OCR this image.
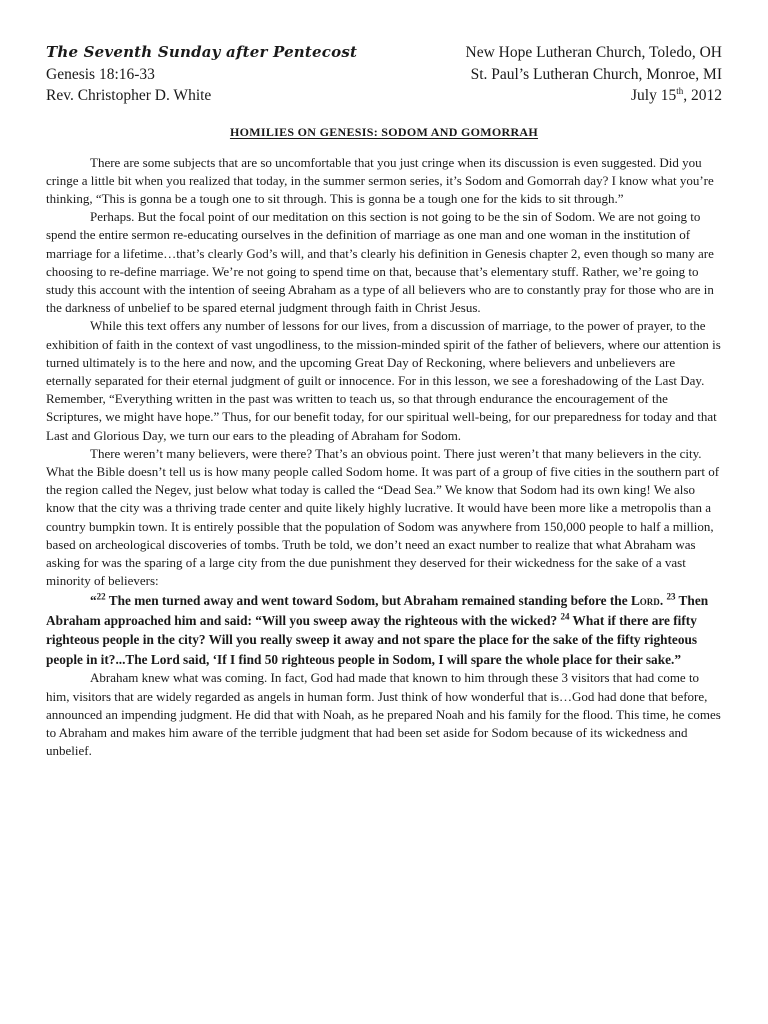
The Seventh Sunday after Pentecost	New Hope Lutheran Church, Toledo, OH
Genesis 18:16-33	St. Paul’s Lutheran Church, Monroe, MI
Rev. Christopher D. White	July 15th, 2012
HOMILIES ON GENESIS: SODOM AND GOMORRAH

There are some subjects that are so uncomfortable that you just cringe when its discussion is even suggested. Did you cringe a little bit when you realized that today, in the summer sermon series, it’s Sodom and Gomorrah day? I know what you’re thinking, “This is gonna be a tough one to sit through. This is gonna be a tough one for the kids to sit through.”

Perhaps. But the focal point of our meditation on this section is not going to be the sin of Sodom. We are not going to spend the entire sermon re-educating ourselves in the definition of marriage as one man and one woman in the institution of marriage for a lifetime…that’s clearly God’s will, and that’s clearly his definition in Genesis chapter 2, even though so many are choosing to re-define marriage. We’re not going to spend time on that, because that’s elementary stuff. Rather, we’re going to study this account with the intention of seeing Abraham as a type of all believers who are to constantly pray for those who are in the darkness of unbelief to be spared eternal judgment through faith in Christ Jesus.

While this text offers any number of lessons for our lives, from a discussion of marriage, to the power of prayer, to the exhibition of faith in the context of vast ungodliness, to the mission-minded spirit of the father of believers, where our attention is turned ultimately is to the here and now, and the upcoming Great Day of Reckoning, where believers and unbelievers are eternally separated for their eternal judgment of guilt or innocence. For in this lesson, we see a foreshadowing of the Last Day. Remember, “Everything written in the past was written to teach us, so that through endurance the encouragement of the Scriptures, we might have hope.” Thus, for our benefit today, for our spiritual well-being, for our preparedness for today and that Last and Glorious Day, we turn our ears to the pleading of Abraham for Sodom.

There weren’t many believers, were there? That’s an obvious point. There just weren’t that many believers in the city. What the Bible doesn’t tell us is how many people called Sodom home. It was part of a group of five cities in the southern part of the region called the Negev, just below what today is called the “Dead Sea.” We know that Sodom had its own king! We also know that the city was a thriving trade center and quite likely highly lucrative. It would have been more like a metropolis than a country bumpkin town. It is entirely possible that the population of Sodom was anywhere from 150,000 people to half a million, based on archeological discoveries of tombs. Truth be told, we don’t need an exact number to realize that what Abraham was asking for was the sparing of a large city from the due punishment they deserved for their wickedness for the sake of a vast minority of believers:

“$^{22}$ The men turned away and went toward Sodom, but Abraham remained standing before the Lord. $^{23}$ Then Abraham approached him and said: “Will you sweep away the righteous with the wicked? $^{24}$ What if there are fifty righteous people in the city? Will you really sweep it away and not spare the place for the sake of the fifty righteous people in it?...The Lord said, ‘If I find 50 righteous people in Sodom, I will spare the whole place for their sake.”

Abraham knew what was coming. In fact, God had made that known to him through these 3 visitors that had come to him, visitors that are widely regarded as angels in human form. Just think of how wonderful that is…God had done that before, announced an impending judgment. He did that with Noah, as he prepared Noah and his family for the flood. This time, he comes to Abraham and makes him aware of the terrible judgment that had been set aside for Sodom because of its wickedness and unbelief.
